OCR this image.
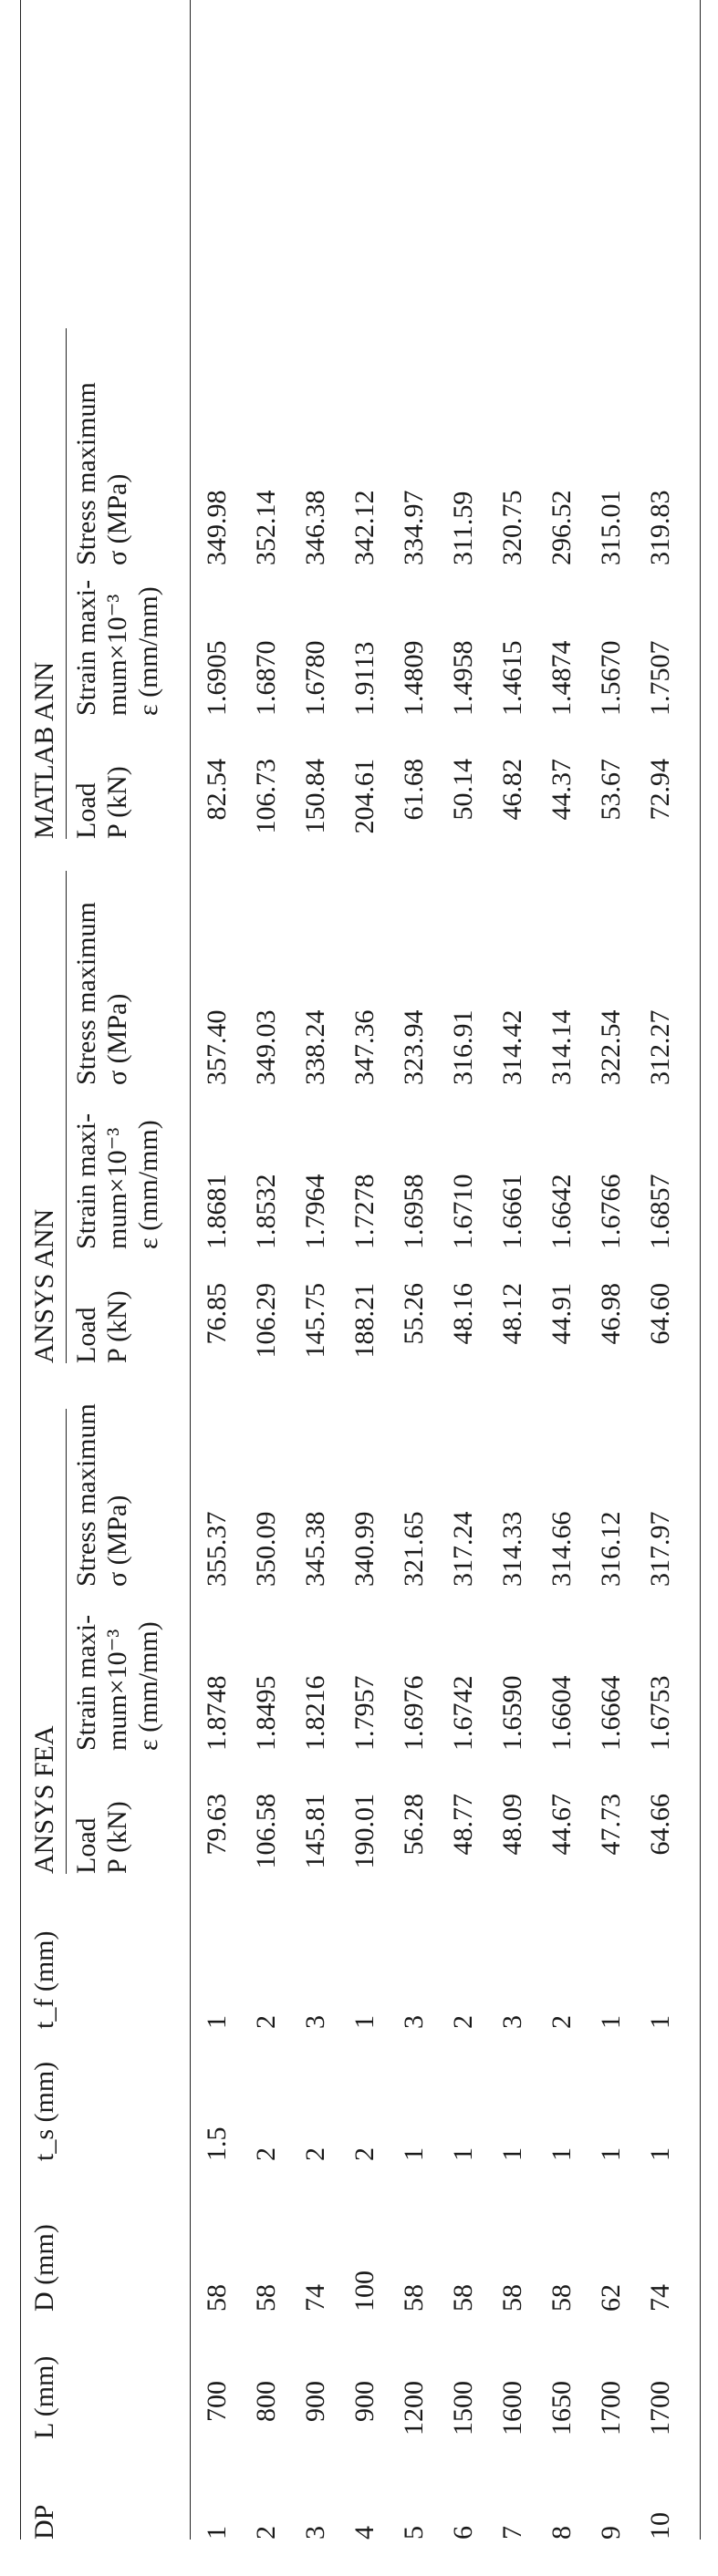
DP
L (mm)
D (mm)
t_s (mm)
t_f (mm)
ANSYS FEA
ANSYS ANN
MATLAB ANN
Load
P (kN)
Strain maxi-
mum×10⁻³
ε (mm/mm)
Stress maximum
σ (MPa)
Load
P (kN)
Strain maxi-
mum×10⁻³
ε (mm/mm)
Stress maximum
σ (MPa)
Load
P (kN)
Strain maxi-
mum×10⁻³
ε (mm/mm)
Stress maximum
σ (MPa)
1
700
58
1.5
1
79.63
1.8748
355.37
76.85
1.8681
357.40
82.54
1.6905
349.98
2
800
58
2
2
106.58
1.8495
350.09
106.29
1.8532
349.03
106.73
1.6870
352.14
3
900
74
2
3
145.81
1.8216
345.38
145.75
1.7964
338.24
150.84
1.6780
346.38
4
900
100
2
1
190.01
1.7957
340.99
188.21
1.7278
347.36
204.61
1.9113
342.12
5
1200
58
1
3
56.28
1.6976
321.65
55.26
1.6958
323.94
61.68
1.4809
334.97
6
1500
58
1
2
48.77
1.6742
317.24
48.16
1.6710
316.91
50.14
1.4958
311.59
7
1600
58
1
3
48.09
1.6590
314.33
48.12
1.6661
314.42
46.82
1.4615
320.75
8
1650
58
1
2
44.67
1.6604
314.66
44.91
1.6642
314.14
44.37
1.4874
296.52
9
1700
62
1
1
47.73
1.6664
316.12
46.98
1.6766
322.54
53.67
1.5670
315.01
10
1700
74
1
1
64.66
1.6753
317.97
64.60
1.6857
312.27
72.94
1.7507
319.83
